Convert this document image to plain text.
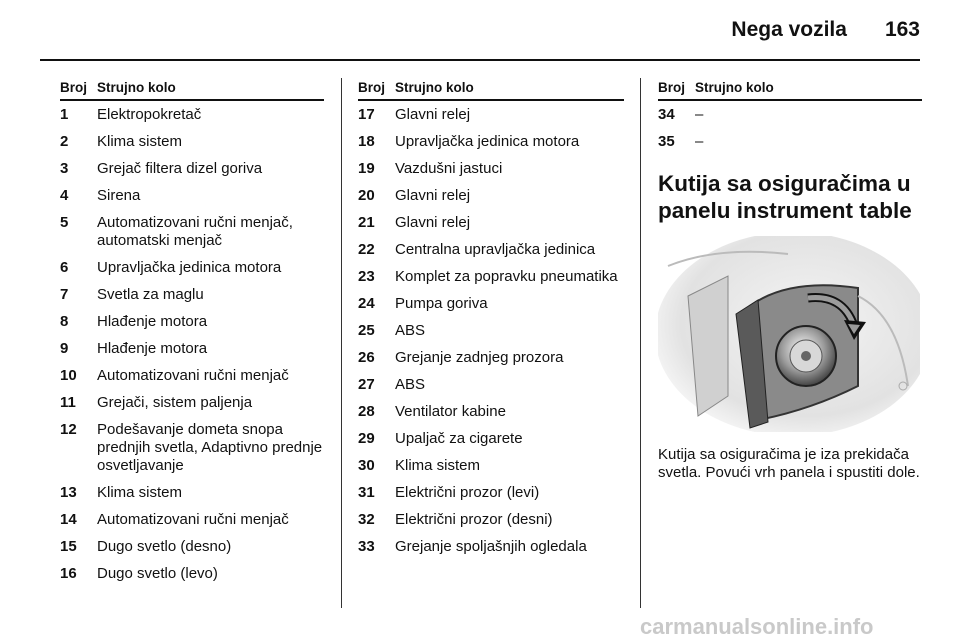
Nega vozila 163
Broj Strujno kolo
1	Elektropokretač
2	Klima sistem
3	Grejač filtera dizel goriva
4	Sirena
5	Automatizovani ručni menjač, automatski menjač
6	Upravljačka jedinica motora
7	Svetla za maglu
8	Hlađenje motora
9	Hlađenje motora
10	Automatizovani ručni menjač
11	Grejači, sistem paljenja
12	Podešavanje dometa snopa prednjih svetla, Adaptivno prednje osvetljavanje
13	Klima sistem
14	Automatizovani ručni menjač
15	Dugo svetlo (desno)
16	Dugo svetlo (levo)
Broj Strujno kolo
17	Glavni relej
18	Upravljačka jedinica motora
19	Vazdušni jastuci
20	Glavni relej
21	Glavni relej
22	Centralna upravljačka jedinica
23	Komplet za popravku pneumatika
24	Pumpa goriva
25	ABS
26	Grejanje zadnjeg prozora
27	ABS
28	Ventilator kabine
29	Upaljač za cigarete
30	Klima sistem
31	Električni prozor (levi)
32	Električni prozor (desni)
33	Grejanje spoljašnjih ogledala
Broj Strujno kolo
34	–
35	–
Kutija sa osiguračima u panelu instrument table
Kutija sa osiguračima je iza prekidača svetla. Povući vrh panela i spustiti dole.
carmanualsonline.info
